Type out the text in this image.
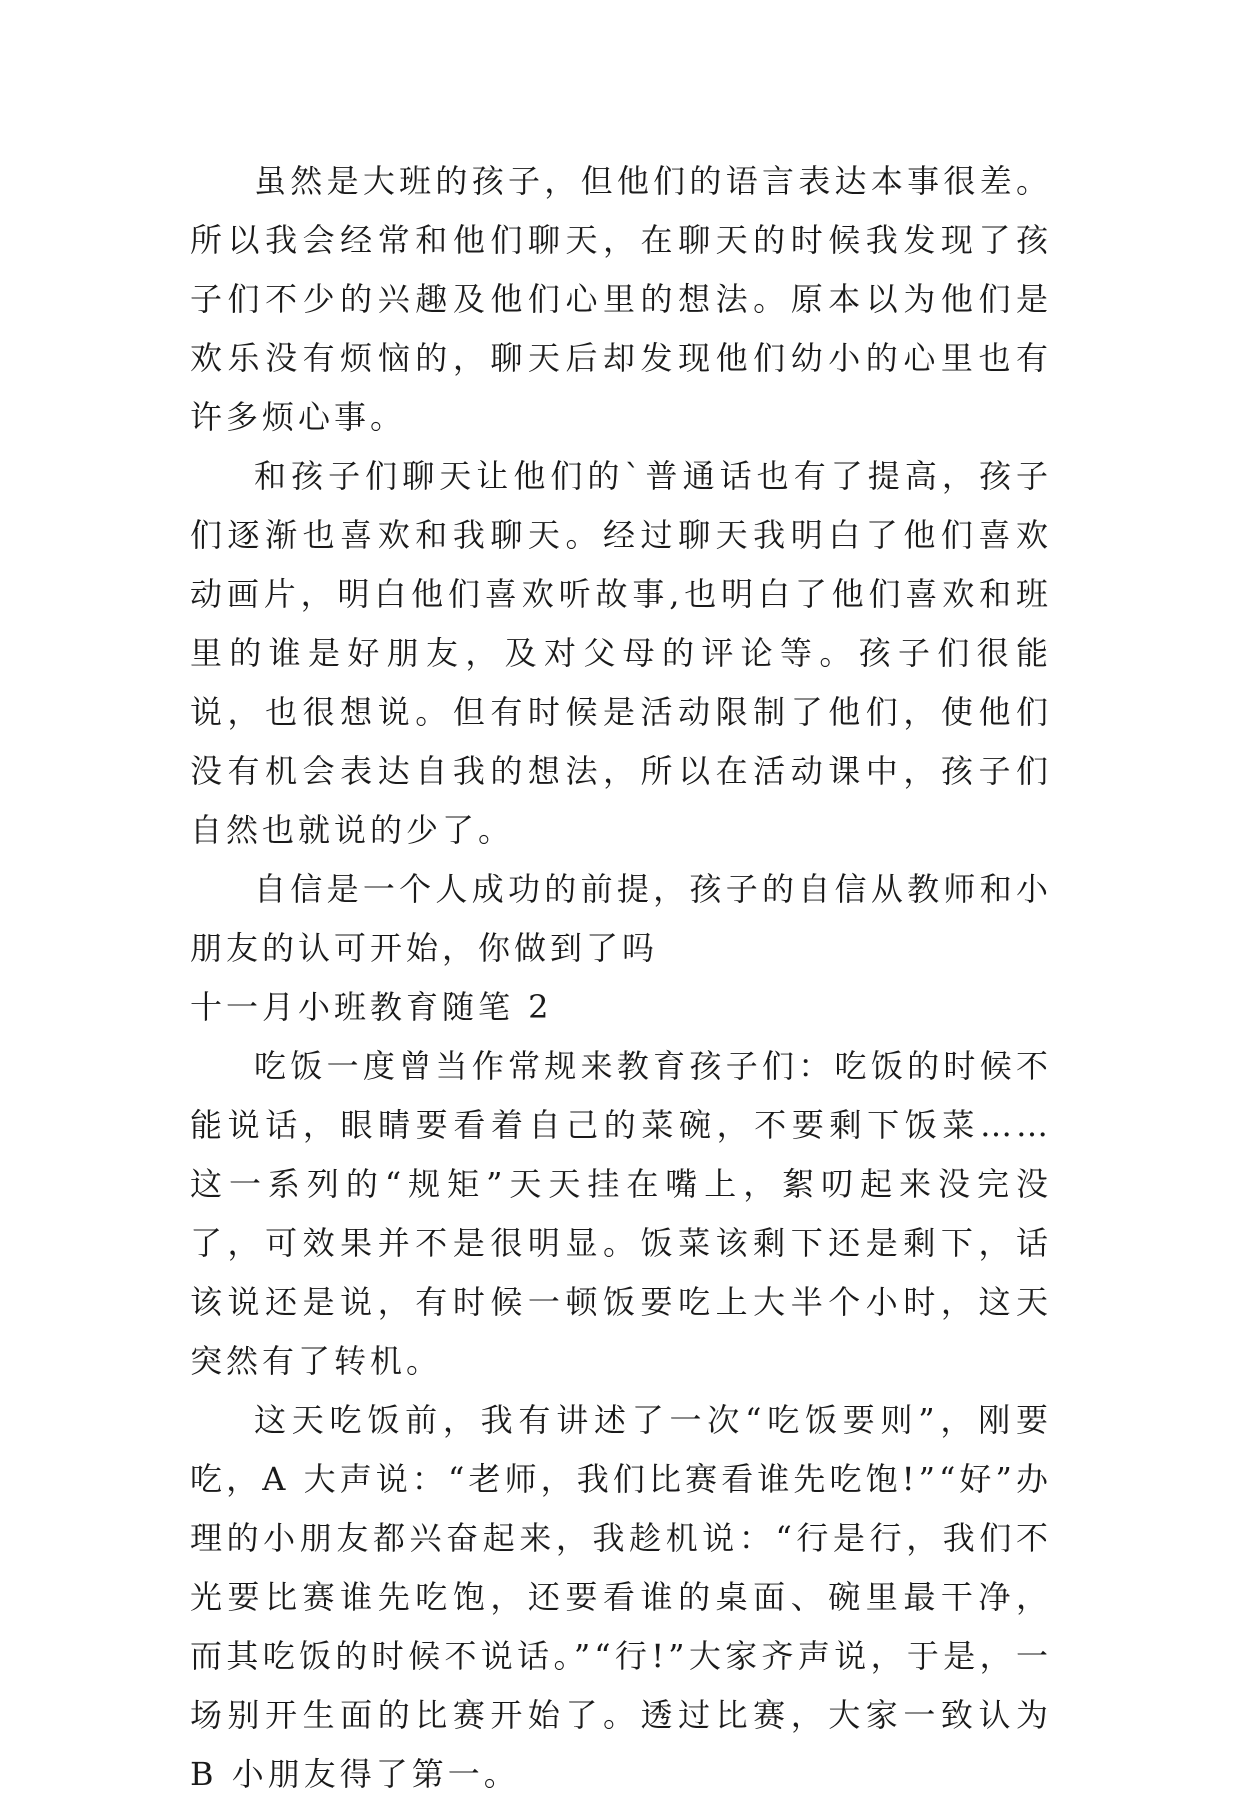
虽然是大班的孩子，但他们的语言表达本事很差。所以我会经常和他们聊天，在聊天的时候我发现了孩子们不少的兴趣及他们心里的想法。原本以为他们是欢乐没有烦恼的，聊天后却发现他们幼小的心里也有许多烦心事。

和孩子们聊天让他们的`普通话也有了提高，孩子们逐渐也喜欢和我聊天。经过聊天我明白了他们喜欢动画片，明白他们喜欢听故事,也明白了他们喜欢和班里的谁是好朋友，及对父母的评论等。孩子们很能说，也很想说。但有时候是活动限制了他们，使他们没有机会表达自我的想法，所以在活动课中，孩子们自然也就说的少了。

自信是一个人成功的前提，孩子的自信从教师和小朋友的认可开始，你做到了吗

十一月小班教育随笔 2

吃饭一度曾当作常规来教育孩子们：吃饭的时候不能说话，眼睛要看着自己的菜碗，不要剩下饭菜……这一系列的“规矩”天天挂在嘴上，絮叨起来没完没了，可效果并不是很明显。饭菜该剩下还是剩下，话该说还是说，有时候一顿饭要吃上大半个小时，这天突然有了转机。

这天吃饭前，我有讲述了一次“吃饭要则”，刚要吃，A 大声说：“老师，我们比赛看谁先吃饱!”“好”办理的小朋友都兴奋起来，我趁机说：“行是行，我们不光要比赛谁先吃饱，还要看谁的桌面、碗里最干净，而其吃饭的时候不说话。”“行!”大家齐声说，于是，一场别开生面的比赛开始了。透过比赛，大家一致认为 B 小朋友得了第一。
